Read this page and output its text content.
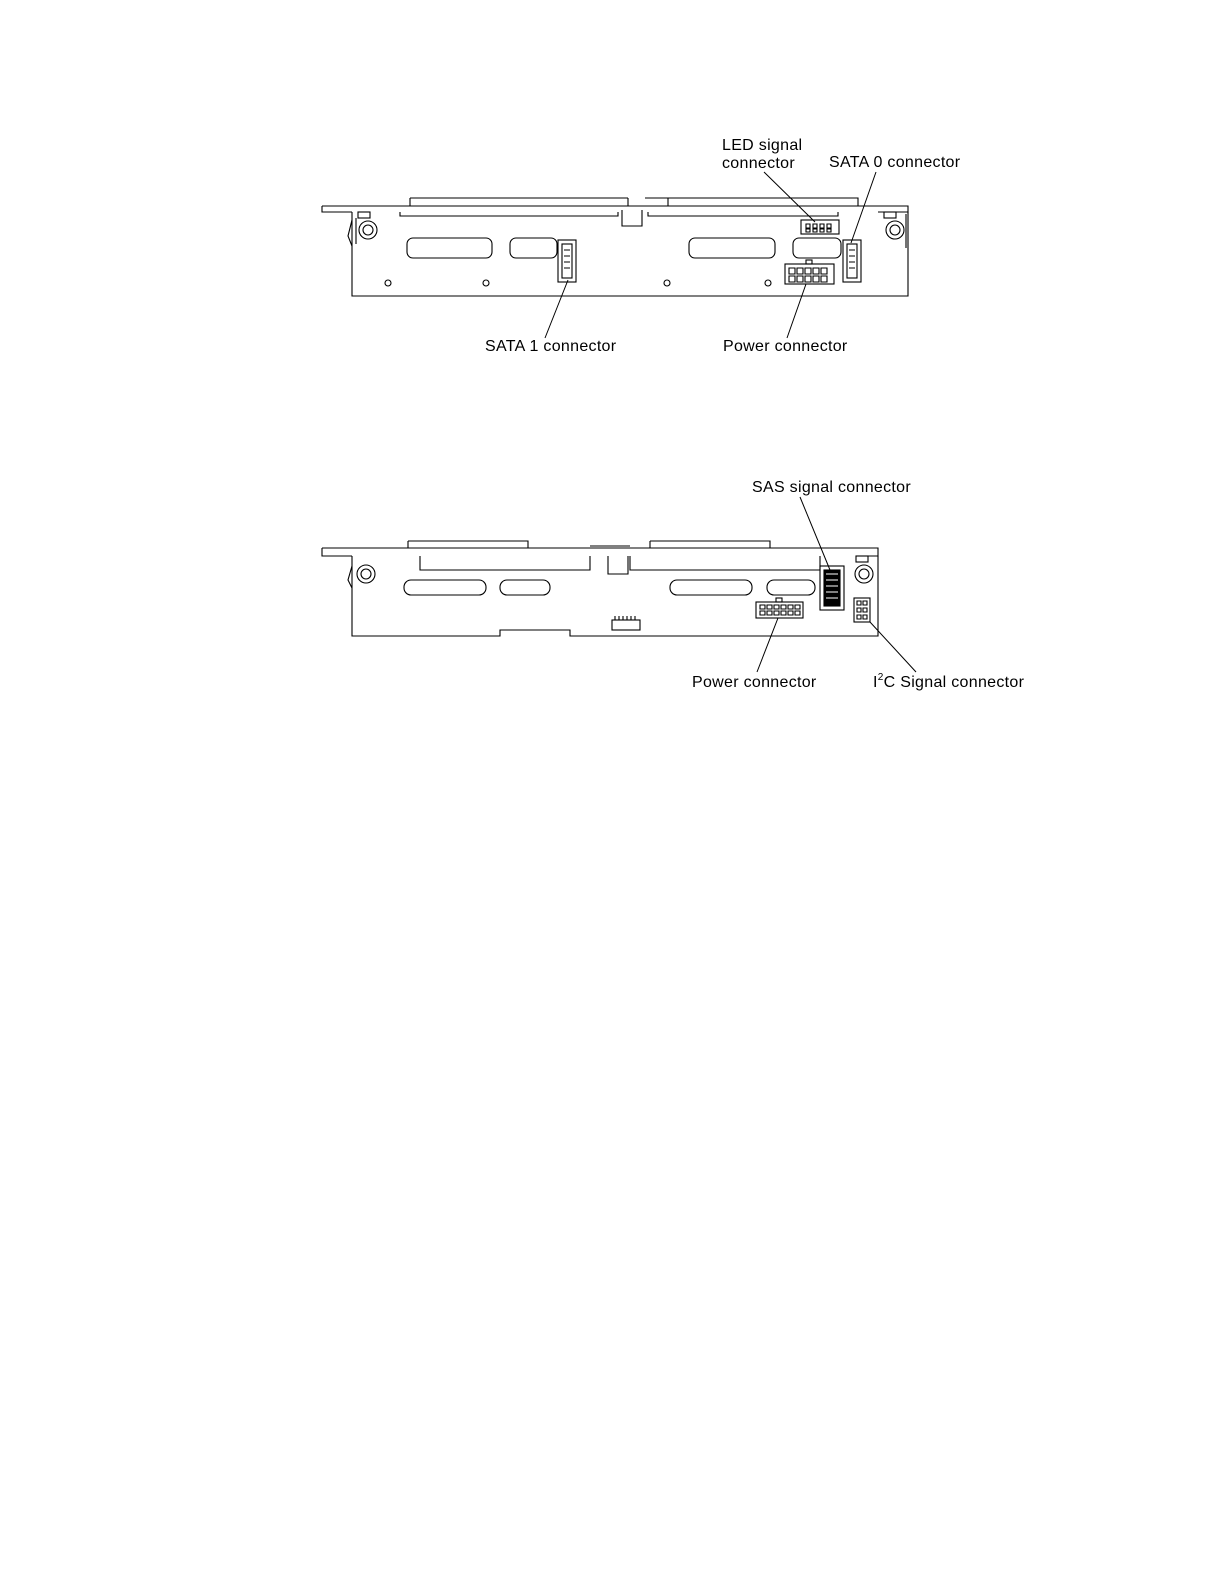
LED signal
connector SATA 0 connector
SATA 1 connector	Power connector
SAS signal connector
Power connector	$I^2C$ Signal connector
